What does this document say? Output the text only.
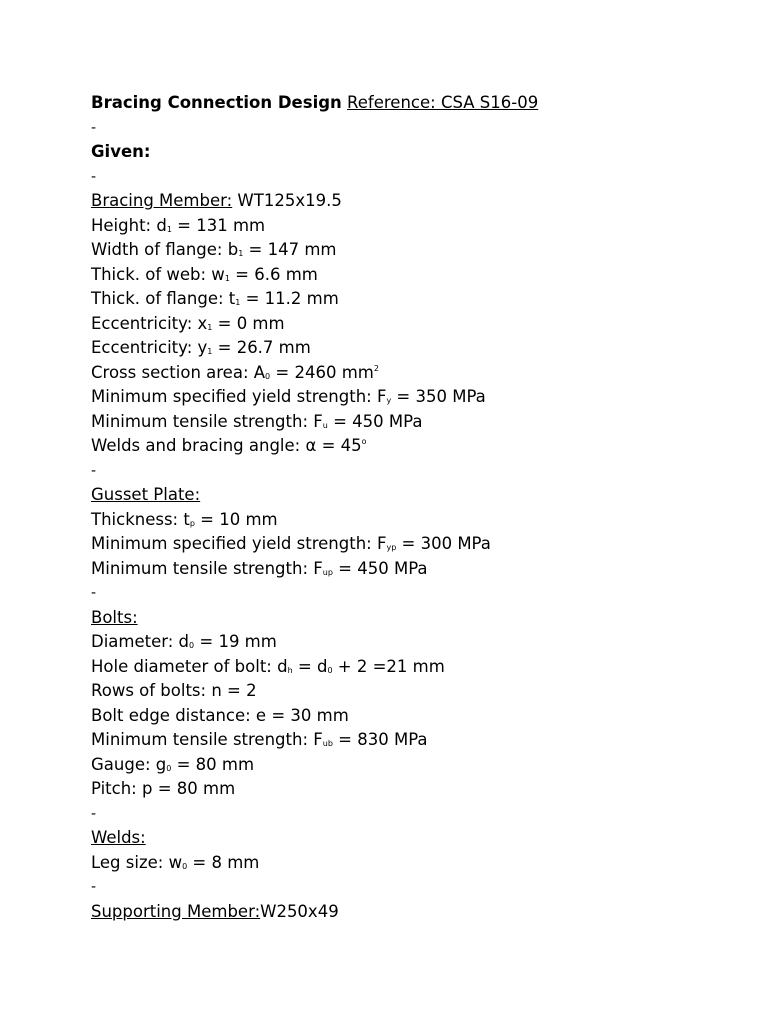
Bracing Connection Design Reference: CSA S16-09
-
Given:
-
Bracing Member: WT125x19.5
Height: $d_1 = 131$ mm
Width of flange: $b_1 = 147$ mm
Thick. of web: $w_1 = 6.6$ mm
Thick. of flange: $t_1 = 11.2$ mm
Eccentricity: $x_1 = 0$ mm
Eccentricity: $y_1 = 26.7$ mm
Cross section area: $A_0 = 2460$ $mm^2$
Minimum specified yield strength: $F_y = 350$ MPa
Minimum tensile strength: $F_u = 450$ MPa
Welds and bracing angle: $\alpha = 45^o$
-
Gusset Plate:
Thickness: $t_p = 10$ mm
Minimum specified yield strength: $F_{yp} = 300$ MPa
Minimum tensile strength: $F_{up} = 450$ MPa
-
Bolts:
Diameter: $d_0 = 19$ mm
Hole diameter of bolt: $d_h = d_0 + 2 =21$ mm
Rows of bolts: n = 2
Bolt edge distance: e = 30 mm
Minimum tensile strength: $F_{ub} = 830$ MPa
Gauge: $g_0 = 80$ mm
Pitch: p = 80 mm
-
Welds:
Leg size: $w_0 = 8$ mm
-
Supporting Member:W250x49
